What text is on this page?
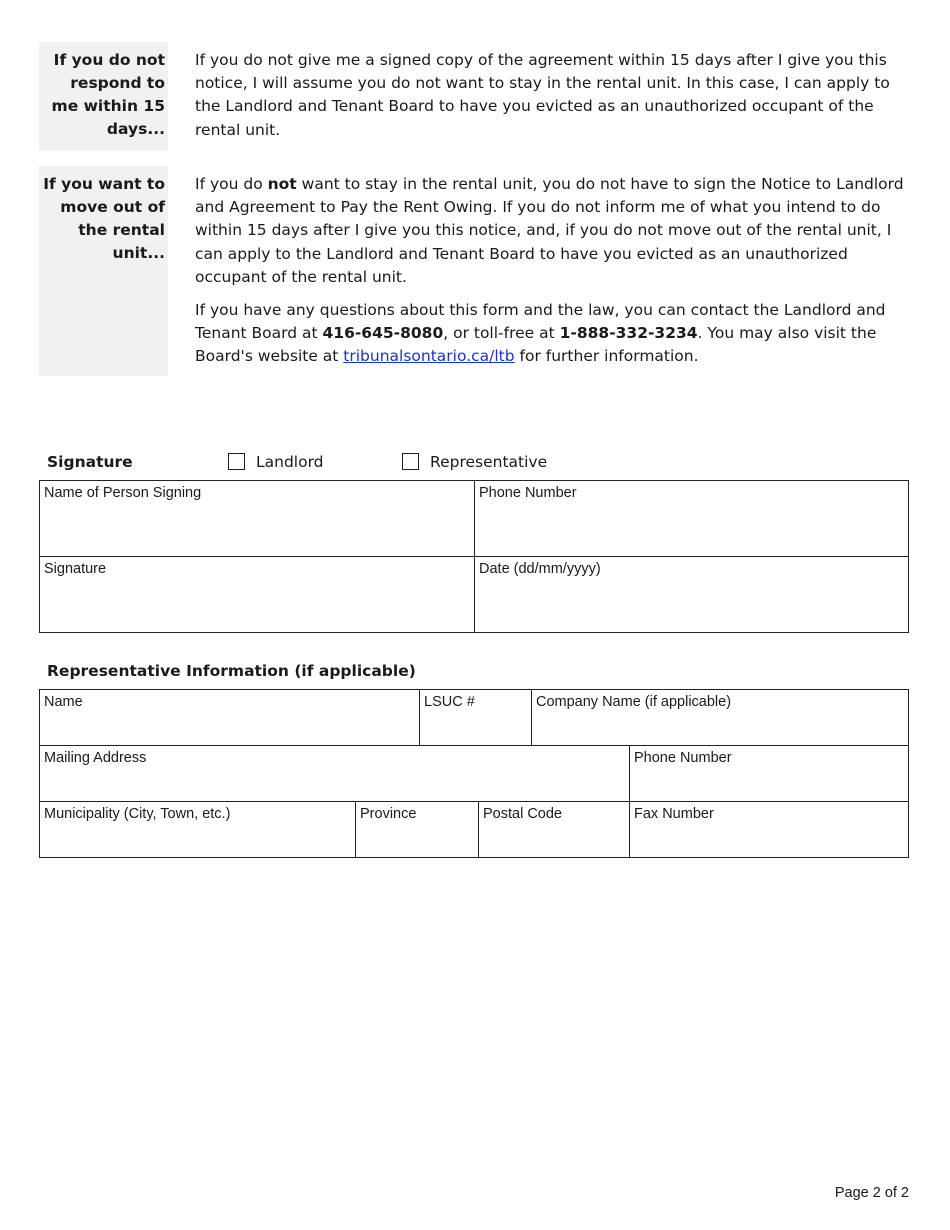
If you do not respond to me within 15 days...

If you do not give me a signed copy of the agreement within 15 days after I give you this notice, I will assume you do not want to stay in the rental unit. In this case, I can apply to the Landlord and Tenant Board to have you evicted as an unauthorized occupant of the rental unit.

If you want to move out of the rental unit...

If you do not want to stay in the rental unit, you do not have to sign the Notice to Landlord and Agreement to Pay the Rent Owing. If you do not inform me of what you intend to do within 15 days after I give you this notice, and, if you do not move out of the rental unit, I can apply to the Landlord and Tenant Board to have you evicted as an unauthorized occupant of the rental unit.

If you have any questions about this form and the law, you can contact the Landlord and Tenant Board at 416-645-8080, or toll-free at 1-888-332-3234. You may also visit the Board's website at tribunalsontario.ca/ltb for further information.

Signature	Landlord	Representative
Name of Person Signing	Phone Number
Signature	Date (dd/mm/yyyy)
Representative Information (if applicable)
Name	LSUC #	Company Name (if applicable)
Mailing Address	Phone Number
Municipality (City, Town, etc.)	Province	Postal Code	Fax Number
Page 2 of 2
